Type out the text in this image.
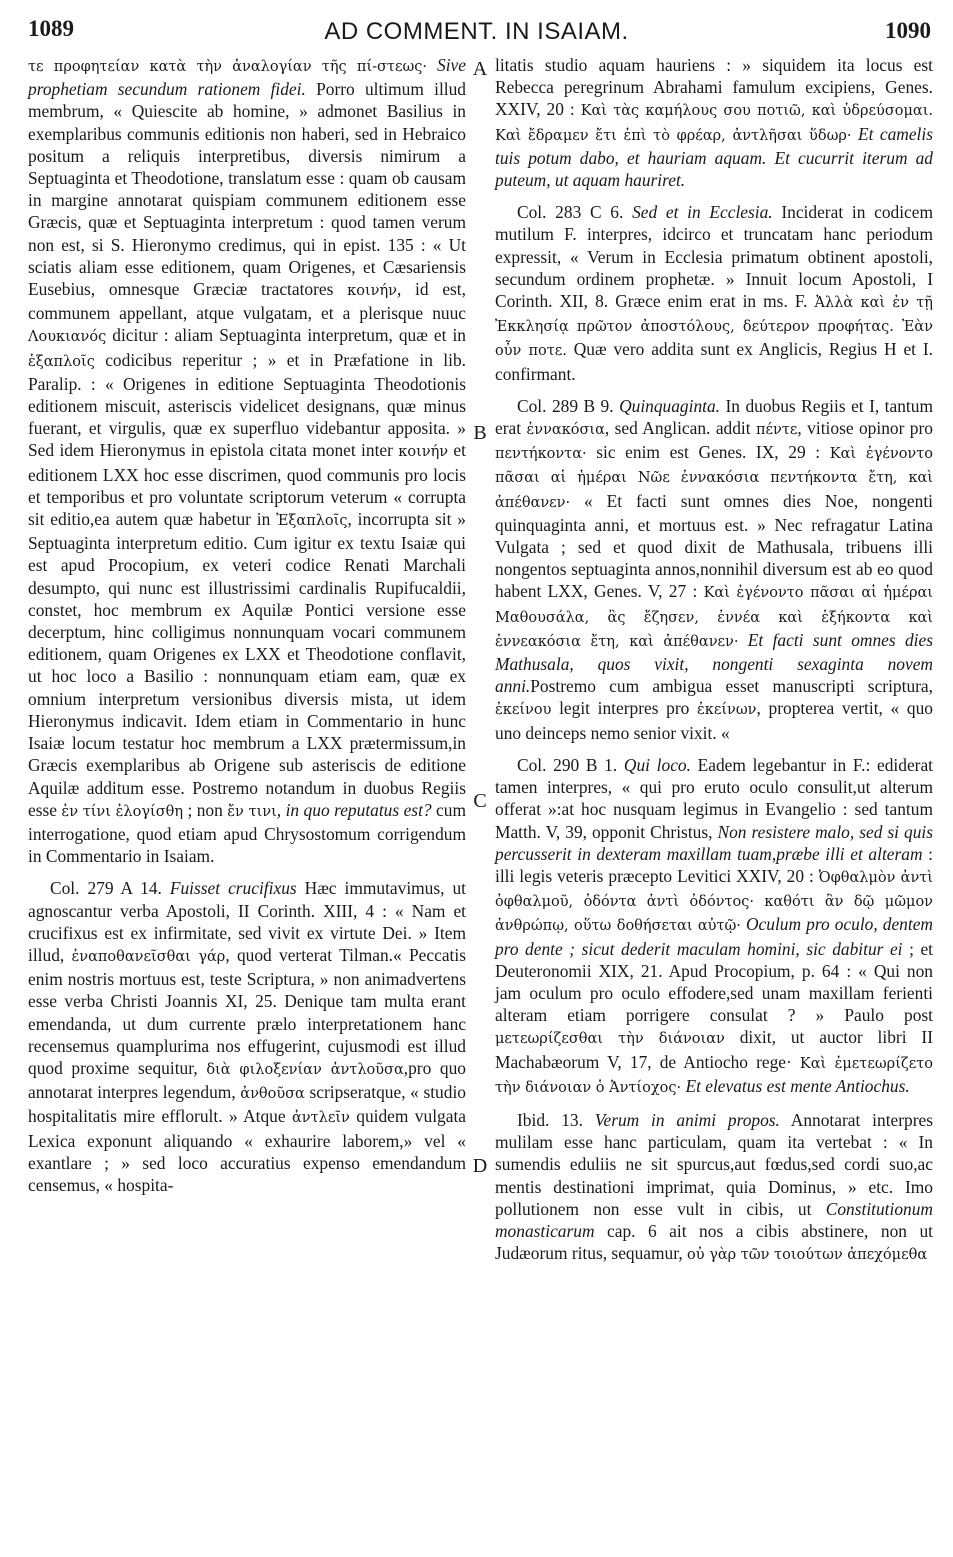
1089	AD COMMENT. IN ISAIAM.	1090

τε προφητείαν κατὰ τὴν ἀναλογίαν τῆς πί-στεως· Sive prophetiam secundum rationem fidei. Porro ultimum illud membrum, « Quiescite ab homine, » admonet Basilius in exemplaribus communis editionis non haberi, sed in Hebraico positum a reliquis interpretibus, diversis nimirum a Septuaginta et Theodotione, translatum esse : quam ob causam in margine annotarat quispiam communem editionem esse Græcis, quæ et Septuaginta interpretum : quod tamen verum non est, si S. Hieronymo credimus, qui in epist. 135 : « Ut sciatis aliam esse editionem, quam Origenes, et Cæsariensis Eusebius, omnesque Græciæ tractatores κοινήν, id est, communem appellant, atque vulgatam, et a plerisque nuuc Λουκιανός dicitur : aliam Septuaginta interpretum, quæ et in ἑξαπλοῖς codicibus reperitur ; » et in Præfatione in lib. Paralip. : « Origenes in editione Septuaginta Theodotionis editionem miscuit, asteriscis videlicet designans, quæ minus fuerant, et virgulis, quæ ex superfluo videbantur apposita. » Sed idem Hieronymus in epistola citata monet inter κοινήν et editionem LXX hoc esse discrimen, quod communis pro locis et temporibus et pro voluntate scriptorum veterum « corrupta sit editio,ea autem quæ habetur in Ἑξαπλοῖς, incorrupta sit » Septuaginta interpretum editio. Cum igitur ex textu Isaiæ qui est apud Procopium, ex veteri codice Renati Marchali desumpto, qui nunc est illustrissimi cardinalis Rupifucaldii, constet, hoc membrum ex Aquilæ Pontici versione esse decerptum, hinc colligimus nonnunquam vocari communem editionem, quam Origenes ex LXX et Theodotione conflavit, ut hoc loco a Basilio : nonnunquam etiam eam, quæ ex omnium interpretum versionibus diversis mista, ut idem Hieronymus indicavit. Idem etiam in Commentario in hunc Isaiæ locum testatur hoc membrum a LXX prætermissum,in Græcis exemplaribus ab Origene sub asteriscis de editione Aquilæ additum esse. Postremo notandum in duobus Regiis esse ἐν τίνι ἐλογίσθη ; non ἔν τινι, in quo reputatus est? cum interrogatione, quod etiam apud Chrysostomum corrigendum in Commentario in Isaiam.

Col. 279 A 14. Fuisset crucifixus Hæc immutavimus, ut agnoscantur verba Apostoli, II Corinth. XIII, 4 : « Nam et crucifixus est ex infirmitate, sed vivit ex virtute Dei. » Item illud, ἐναποθανεῖσθαι γάρ, quod verterat Tilman.« Peccatis enim nostris mortuus est, teste Scriptura, » non animadvertens esse verba Christi Joannis XI, 25. Denique tam multa erant emendanda, ut dum currente prælo interpretationem hanc recensemus quamplurima nos effugerint, cujusmodi est illud quod proxime sequitur, διὰ φιλοξενίαν ἀντλοῦσα,pro quo annotarat interpres legendum, ἀνθοῦσα scripseratque, « studio hospitalitatis mire efflorult. » Atque ἀντλεῖν quidem vulgata Lexica exponunt aliquando « exhaurire laborem,» vel « exantlare ; » sed loco accuratius expenso emendandum censemus, « hospita-

A
B
C
D

litatis studio aquam hauriens : » siquidem ita locus est Rebecca peregrinum Abrahami famulum excipiens, Genes. XXIV, 20 : Καὶ τὰς καμήλους σου ποτιῶ, καὶ ὑδρεύσομαι. Καὶ ἔδραμεν ἔτι ἐπὶ τὸ φρέαρ, ἀντλῆσαι ὕδωρ· Et camelis tuis potum dabo, et hauriam aquam. Et cucurrit iterum ad puteum, ut aquam hauriret.

Col. 283 C 6. Sed et in Ecclesia. Inciderat in codicem mutilum F. interpres, idcirco et truncatam hanc periodum expressit, « Verum in Ecclesia primatum obtinent apostoli, secundum ordinem prophetæ. » Innuit locum Apostoli, I Corinth. XII, 8. Græce enim erat in ms. F. Ἀλλὰ καὶ ἐν τῇ Ἐκκλησίᾳ πρῶτον ἀποστόλους, δεύτερον προφήτας. Ἐὰν οὖν ποτε. Quæ vero addita sunt ex Anglicis, Regius H et I. confirmant.

Col. 289 B 9. Quinquaginta. In duobus Regiis et I, tantum erat ἐννακόσια, sed Anglican. addit πέντε, vitiose opinor pro πεντήκοντα· sic enim est Genes. IX, 29 : Καὶ ἐγένοντο πᾶσαι αἱ ἡμέραι Νῶε ἐννακόσια πεντήκοντα ἔτη, καὶ ἀπέθανεν· « Et facti sunt omnes dies Noe, nongenti quinquaginta anni, et mortuus est. » Nec refragatur Latina Vulgata ; sed et quod dixit de Mathusala, tribuens illi nongentos septuaginta annos,nonnihil diversum est ab eo quod habent LXX, Genes. V, 27 : Καὶ ἐγένοντο πᾶσαι αἱ ἡμέραι Μαθουσάλα, ἃς ἔζησεν, ἐννέα καὶ ἑξήκοντα καὶ ἐννεακόσια ἔτη, καὶ ἀπέθανεν· Et facti sunt omnes dies Mathusala, quos vixit, nongenti sexaginta novem anni.Postremo cum ambigua esset manuscripti scriptura, ἐκείνου legit interpres pro ἐκείνων, propterea vertit, « quo uno deinceps nemo senior vixit. «

Col. 290 B 1. Qui loco. Eadem legebantur in F.: ediderat tamen interpres, « qui pro eruto oculo consulit,ut alterum offerat »:at hoc nusquam legimus in Evangelio : sed tantum Matth. V, 39, opponit Christus, Non resistere malo, sed si quis percusserit in dexteram maxillam tuam,præbe illi et alteram : illi legis veteris præcepto Levitici XXIV, 20 : Ὀφθαλμὸν ἀντὶ ὀφθαλμοῦ, ὀδόντα ἀντὶ ὀδόντος· καθότι ἂν δῷ μῶμον ἀνθρώπῳ, οὕτω δοθήσεται αὐτῷ· Oculum pro oculo, dentem pro dente ; sicut dederit maculam homini, sic dabitur ei ; et Deuteronomii XIX, 21. Apud Procopium, p. 64 : « Qui non jam oculum pro oculo effodere,sed unam maxillam ferienti alteram etiam porrigere consulat ? » Paulo post μετεωρίζεσθαι τὴν διάνοιαν dixit, ut auctor libri II Machabæorum V, 17, de Antiocho rege· Καὶ ἐμετεωρίζετο τὴν διάνοιαν ὁ Ἀντίοχος· Et elevatus est mente Antiochus.

Ibid. 13. Verum in animi propos. Annotarat interpres mulilam esse hanc particulam, quam ita vertebat : « In sumendis eduliis ne sit spurcus,aut fœdus,sed cordi suo,ac mentis destinationi imprimat, quia Dominus, » etc. Imo pollutionem non esse vult in cibis, ut Constitutionum monasticarum cap. 6 ait nos a cibis abstinere, non ut Judæorum ritus, sequamur, οὐ γὰρ τῶν τοιούτων ἀπεχόμεθα
